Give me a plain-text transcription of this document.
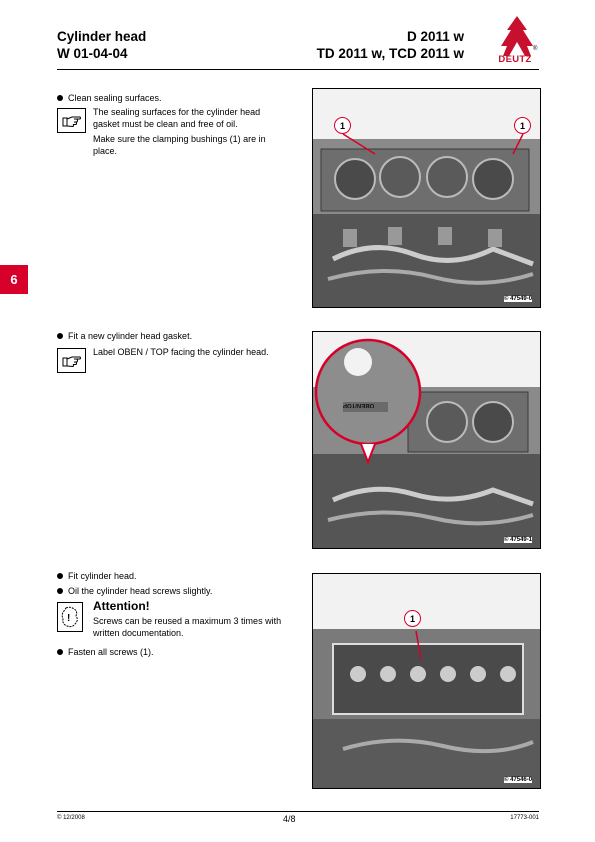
Cylinder head
W 01-04-04
D 2011 w
TD 2011 w, TCD 2011 w	DEUTZ
®
6
Clean sealing surfaces.
The sealing surfaces for the cylinder head gasket must be clean and free of oil.
Make sure the clamping bushings (1) are in place.
1	1
© 47549-0
Fit a new cylinder head gasket.
Label OBEN / TOP facing the cylinder head.
OBEN/TOP
© 47549-1
Fit cylinder head.
Oil the cylinder head screws slightly.
!
Attention!
Screws can be reused a maximum 3 times with written documentation.
Fasten all screws (1).
1
© 47546-0
© 12/2008	4/8	17773-001
